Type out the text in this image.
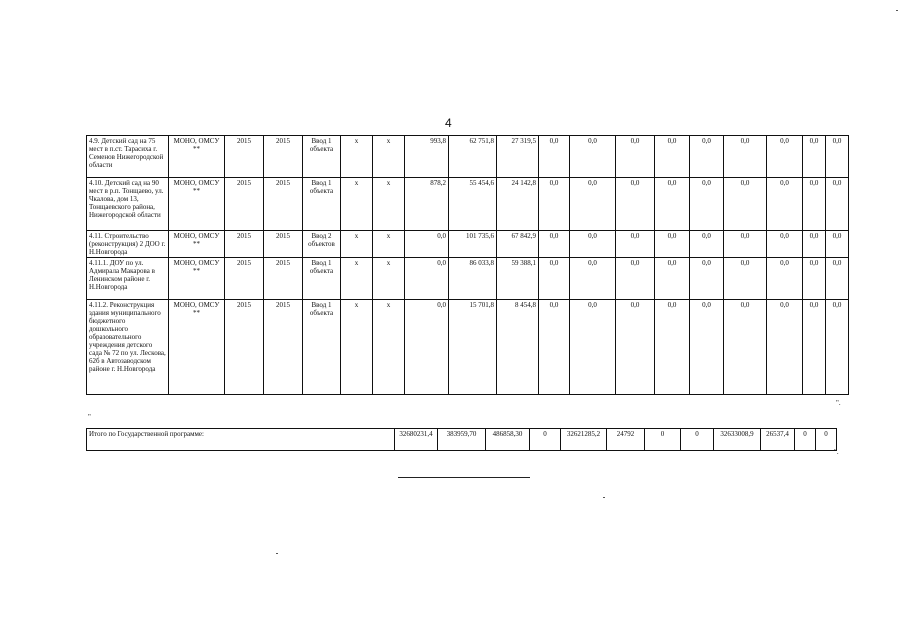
4
4.9. Детский сад на 75 мест в п.ст. Тарасиха г. Семенов Нижегородской области	МОНО, ОМСУ **	2015	2015	Ввод 1 объекта	х	х	993,8	62 751,8	27 319,5	0,0	0,0	0,0	0,0	0,0	0,0	0,0	0,0	0,0
4.10. Детский сад на 90 мест в р.п. Тонщаево, ул. Чкалова, дом 13, Тонщаевского района, Нижегородской области	МОНО, ОМСУ **	2015	2015	Ввод 1 объекта	х	х	878,2	55 454,6	24 142,8	0,0	0,0	0,0	0,0	0,0	0,0	0,0	0,0	0,0
4.11. Строительство (реконструкция) 2 ДОО г. Н.Новгорода	МОНО, ОМСУ **	2015	2015	Ввод 2 объектов	х	х	0,0	101 735,6	67 842,9	0,0	0,0	0,0	0,0	0,0	0,0	0,0	0,0	0,0
4.11.1. ДОУ по ул. Адмирала Макарова в Ленинском районе г. Н.Новгорода	МОНО, ОМСУ **	2015	2015	Ввод 1 объекта	х	х	0,0	86 033,8	59 388,1	0,0	0,0	0,0	0,0	0,0	0,0	0,0	0,0	0,0
4.11.2. Реконструкция здания муниципального бюджетного дошкольного образовательного учреждения детского сада № 72 по ул. Лескова, 62б в Автозаводском районе г. Н.Новгорода	МОНО, ОМСУ **	2015	2015	Ввод 1 объекта	х	х	0,0	15 701,8	8 454,8	0,0	0,0	0,0	0,0	0,0	0,0	0,0	0,0	0,0
"
".
Итого по Государственной программе:	32680231,4	383959,70	486858,30	0	32621285,2	24792	0	0	32633008,9	26537,4	0	0
".
